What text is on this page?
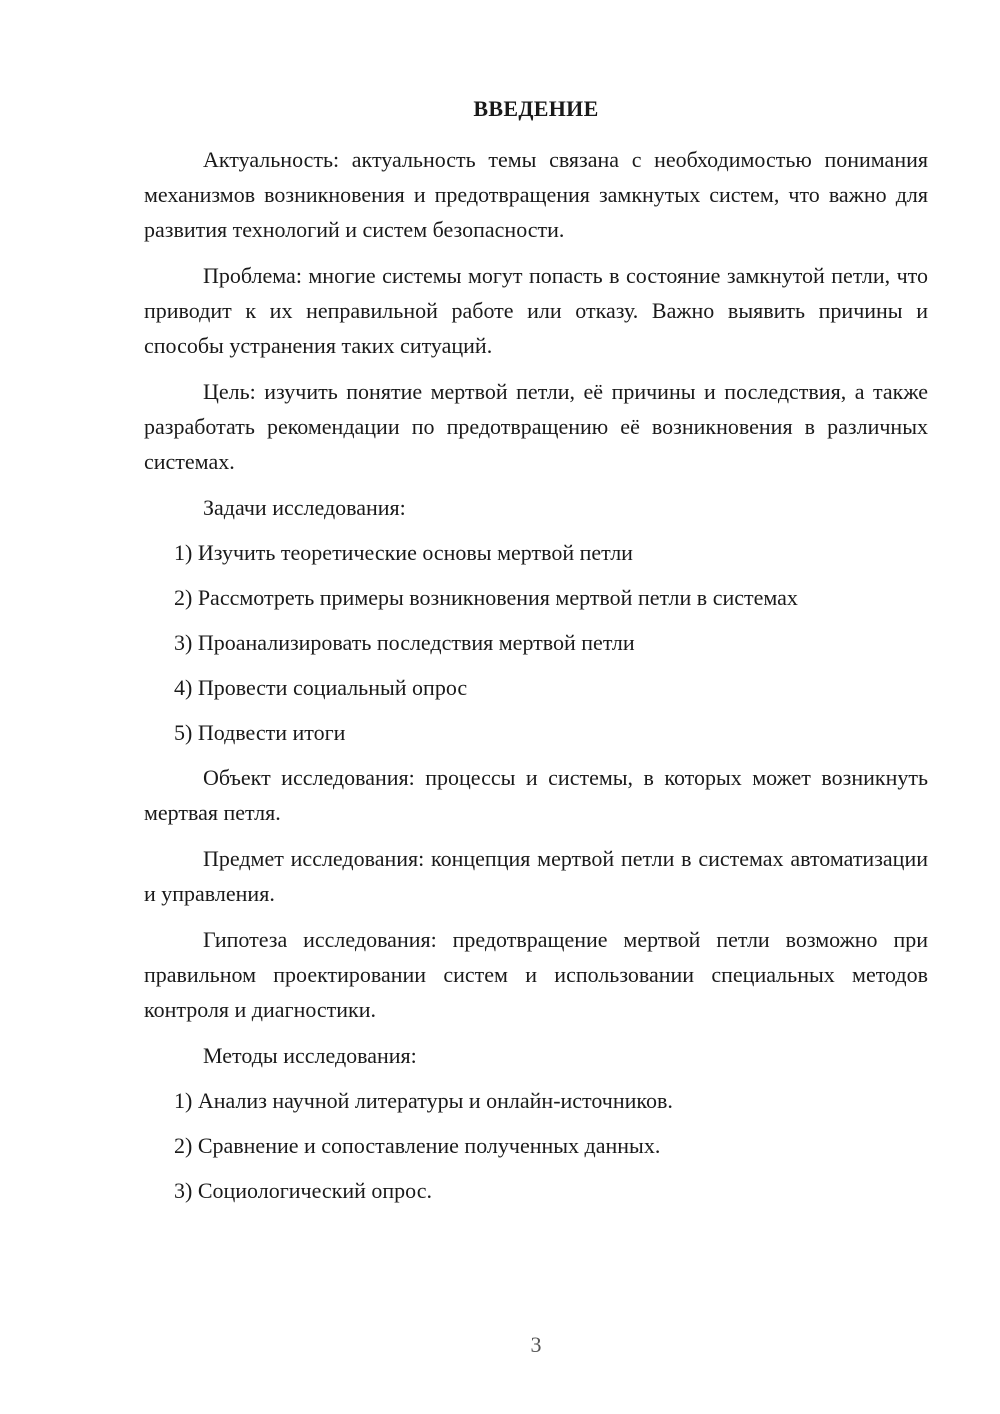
ВВЕДЕНИЕ

Актуальность: актуальность темы связана с необходимостью понимания механизмов возникновения и предотвращения замкнутых систем, что важно для развития технологий и систем безопасности.

Проблема: многие системы могут попасть в состояние замкнутой петли, что приводит к их неправильной работе или отказу. Важно выявить причины и способы устранения таких ситуаций.

Цель: изучить понятие мертвой петли, её причины и последствия, а также разработать рекомендации по предотвращению её возникновения в различных системах.

Задачи исследования:

1) Изучить теоретические основы мертвой петли

2) Рассмотреть примеры возникновения мертвой петли в системах

3) Проанализировать последствия мертвой петли

4) Провести социальный опрос

5) Подвести итоги

Объект исследования: процессы и системы, в которых может возникнуть мертвая петля.

Предмет исследования: концепция мертвой петли в системах автоматизации и управления.

Гипотеза исследования: предотвращение мертвой петли возможно при правильном проектировании систем и использовании специальных методов контроля и диагностики.

Методы исследования:

1) Анализ научной литературы и онлайн-источников.

2) Сравнение и сопоставление полученных данных.

3) Социологический опрос.

3
